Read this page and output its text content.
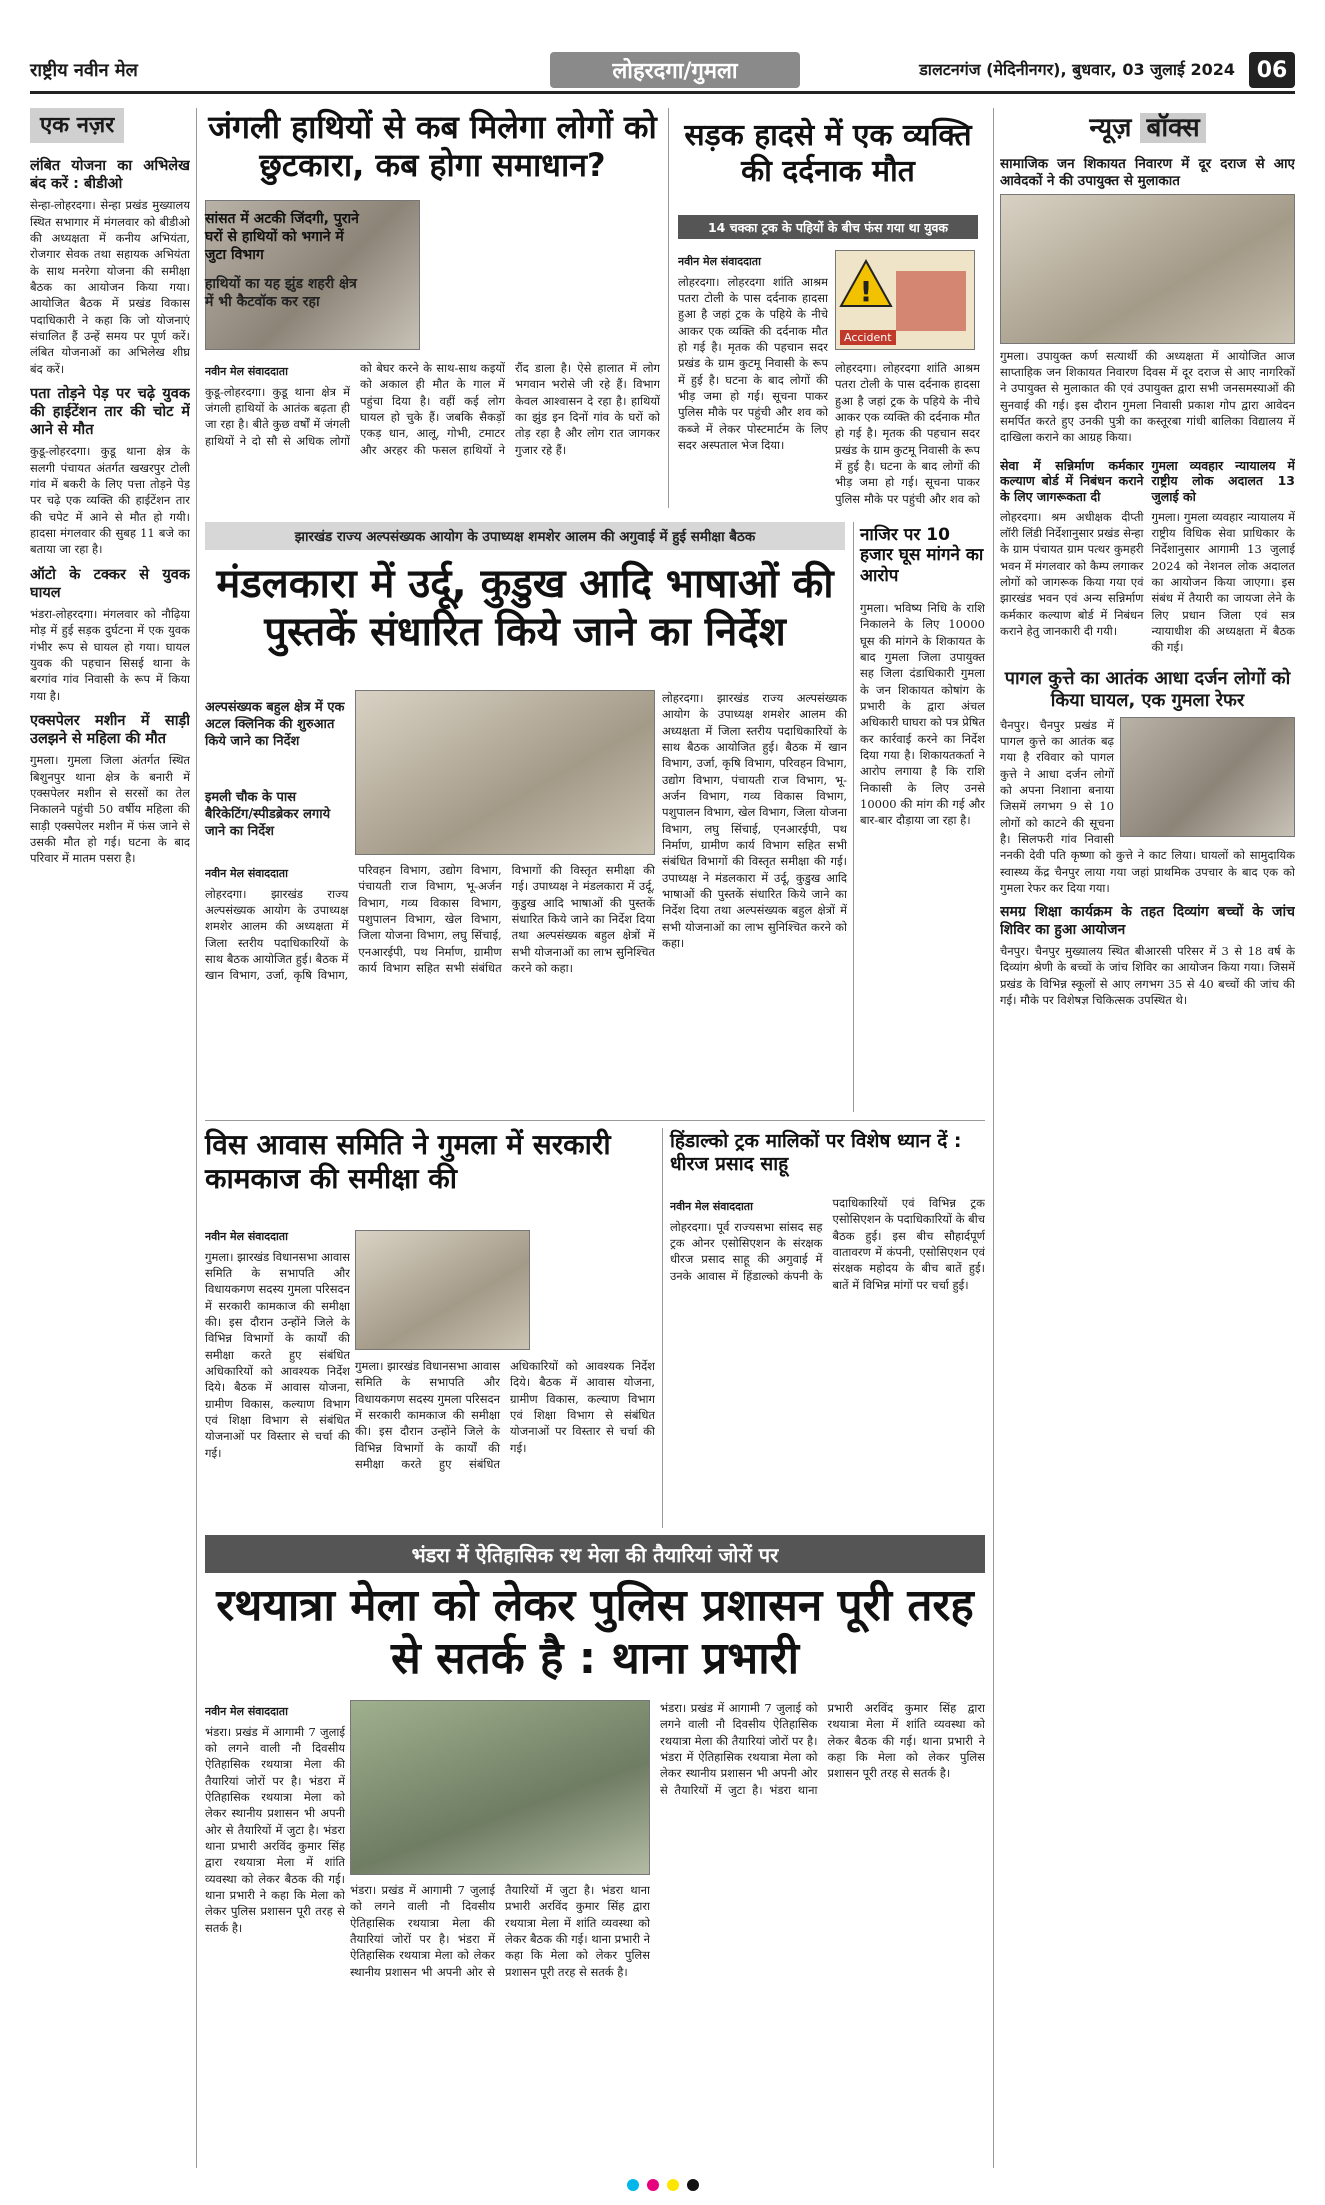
राष्ट्रीय नवीन मेल	लोहरदगा/गुमला	डालटनगंज (मेदिनीनगर), बुधवार, 03 जुलाई 2024 06
एक नज़र
लंबित योजना का अभिलेख बंद करें : बीडीओ

सेन्हा-लोहरदगा। सेन्हा प्रखंड मुख्यालय स्थित सभागार में मंगलवार को बीडीओ की अध्यक्षता में कनीय अभियंता, रोजगार सेवक तथा सहायक अभियंता के साथ मनरेगा योजना की समीक्षा बैठक का आयोजन किया गया। आयोजित बैठक में प्रखंड विकास पदाधिकारी ने कहा कि जो योजनाएं संचालित हैं उन्हें समय पर पूर्ण करें। लंबित योजनाओं का अभिलेख शीघ्र बंद करें।

पता तोड़ने पेड़ पर चढ़े युवक की हाईटेंशन तार की चोट में आने से मौत

कुडू-लोहरदगा। कुडू थाना क्षेत्र के सलगी पंचायत अंतर्गत खखरपुर टोली गांव में बकरी के लिए पत्ता तोड़ने पेड़ पर चढ़े एक व्यक्ति की हाईटेंशन तार की चपेट में आने से मौत हो गयी। हादसा मंगलवार की सुबह 11 बजे का बताया जा रहा है।

ऑटो के टक्कर से युवक घायल

भंडरा-लोहरदगा। मंगलवार को नौढ़िया मोड़ में हुई सड़क दुर्घटना में एक युवक गंभीर रूप से घायल हो गया। घायल युवक की पहचान सिसई थाना के बरगांव गांव निवासी के रूप में किया गया है।

एक्सपेलर मशीन में साड़ी उलझने से महिला की मौत

गुमला। गुमला जिला अंतर्गत स्थित बिशुनपुर थाना क्षेत्र के बनारी में एक्सपेलर मशीन से सरसों का तेल निकालने पहुंची 50 वर्षीय महिला की साड़ी एक्सपेलर मशीन में फंस जाने से उसकी मौत हो गई। घटना के बाद परिवार में मातम पसरा है।

जंगली हाथियों से कब मिलेगा लोगों को छुटकारा, कब होगा समाधान?
सांसत में अटकी जिंदगी, पुराने घरों से हाथियों को भगाने में जुटा विभाग
हाथियों का यह झुंड शहरी क्षेत्र में भी कैटवॉक कर रहा
नवीन मेल संवाददाता

कुडू-लोहरदगा। कुडू थाना क्षेत्र में जंगली हाथियों के आतंक बढ़ता ही जा रहा है। बीते कुछ वर्षों में जंगली हाथियों ने दो सौ से अधिक लोगों को बेघर करने के साथ-साथ कइयों को अकाल ही मौत के गाल में पहुंचा दिया है। वहीं कई लोग घायल हो चुके हैं। जबकि सैकड़ों एकड़ धान, आलू, गोभी, टमाटर और अरहर की फसल हाथियों ने रौंद डाला है। ऐसे हालात में लोग भगवान भरोसे जी रहे हैं। विभाग केवल आश्वासन दे रहा है। हाथियों का झुंड इन दिनों गांव के घरों को तोड़ रहा है और लोग रात जागकर गुजार रहे हैं।

सड़क हादसे में एक व्यक्ति की दर्दनाक मौत
14 चक्का ट्रक के पहियों के बीच फंस गया था युवक
!
Accident
नवीन मेल संवाददाता

लोहरदगा। लोहरदगा शांति आश्रम पतरा टोली के पास दर्दनाक हादसा हुआ है जहां ट्रक के पहिये के नीचे आकर एक व्यक्ति की दर्दनाक मौत हो गई है। मृतक की पहचान सदर प्रखंड के ग्राम कुटमू निवासी के रूप में हुई है। घटना के बाद लोगों की भीड़ जमा हो गई। सूचना पाकर पुलिस मौके पर पहुंची और शव को कब्जे में लेकर पोस्टमार्टम के लिए सदर अस्पताल भेज दिया।

लोहरदगा। लोहरदगा शांति आश्रम पतरा टोली के पास दर्दनाक हादसा हुआ है जहां ट्रक के पहिये के नीचे आकर एक व्यक्ति की दर्दनाक मौत हो गई है। मृतक की पहचान सदर प्रखंड के ग्राम कुटमू निवासी के रूप में हुई है। घटना के बाद लोगों की भीड़ जमा हो गई। सूचना पाकर पुलिस मौके पर पहुंची और शव को

झारखंड राज्य अल्पसंख्यक आयोग के उपाध्यक्ष शमशेर आलम की अगुवाई में हुई समीक्षा बैठक
मंडलकारा में उर्दू, कुडुख आदि भाषाओं की पुस्तकें संधारित किये जाने का निर्देश
अल्पसंख्यक बहुल क्षेत्र में एक अटल क्लिनिक की शुरुआत किये जाने का निर्देश
इमली चौक के पास बैरिकेटिंग/स्पीडब्रेकर लगाये जाने का निर्देश
नवीन मेल संवाददाता

लोहरदगा। झारखंड राज्य अल्पसंख्यक आयोग के उपाध्यक्ष शमशेर आलम की अध्यक्षता में जिला स्तरीय पदाधिकारियों के साथ बैठक आयोजित हुई। बैठक में खान विभाग, उर्जा, कृषि विभाग, परिवहन विभाग, उद्योग विभाग, पंचायती राज विभाग, भू-अर्जन विभाग, गव्य विकास विभाग, पशुपालन विभाग, खेल विभाग, जिला योजना विभाग, लघु सिंचाई, एनआरईपी, पथ निर्माण, ग्रामीण कार्य विभाग सहित सभी संबंधित विभागों की विस्तृत समीक्षा की गई। उपाध्यक्ष ने मंडलकारा में उर्दू, कुडुख आदि भाषाओं की पुस्तकें संधारित किये जाने का निर्देश दिया तथा अल्पसंख्यक बहुल क्षेत्रों में सभी योजनाओं का लाभ सुनिश्चित करने को कहा।

लोहरदगा। झारखंड राज्य अल्पसंख्यक आयोग के उपाध्यक्ष शमशेर आलम की अध्यक्षता में जिला स्तरीय पदाधिकारियों के साथ बैठक आयोजित हुई। बैठक में खान विभाग, उर्जा, कृषि विभाग, परिवहन विभाग, उद्योग विभाग, पंचायती राज विभाग, भू-अर्जन विभाग, गव्य विकास विभाग, पशुपालन विभाग, खेल विभाग, जिला योजना विभाग, लघु सिंचाई, एनआरईपी, पथ निर्माण, ग्रामीण कार्य विभाग सहित सभी संबंधित विभागों की विस्तृत समीक्षा की गई। उपाध्यक्ष ने मंडलकारा में उर्दू, कुडुख आदि भाषाओं की पुस्तकें संधारित किये जाने का निर्देश दिया तथा अल्पसंख्यक बहुल क्षेत्रों में सभी योजनाओं का लाभ सुनिश्चित करने को कहा।

नाजिर पर 10 हजार घूस मांगने का आरोप

गुमला। भविष्य निधि के राशि निकालने के लिए 10000 घूस की मांगने के शिकायत के बाद गुमला जिला उपायुक्त सह जिला दंडाधिकारी गुमला के जन शिकायत कोषांग के प्रभारी के द्वारा अंचल अधिकारी घाघरा को पत्र प्रेषित कर कार्रवाई करने का निर्देश दिया गया है। शिकायतकर्ता ने आरोप लगाया है कि राशि निकासी के लिए उनसे 10000 की मांग की गई और बार-बार दौड़ाया जा रहा है।

विस आवास समिति ने गुमला में सरकारी कामकाज की समीक्षा की
नवीन मेल संवाददाता

गुमला। झारखंड विधानसभा आवास समिति के सभापति और विधायकगण सदस्य गुमला परिसदन में सरकारी कामकाज की समीक्षा की। इस दौरान उन्होंने जिले के विभिन्न विभागों के कार्यों की समीक्षा करते हुए संबंधित अधिकारियों को आवश्यक निर्देश दिये। बैठक में आवास योजना, ग्रामीण विकास, कल्याण विभाग एवं शिक्षा विभाग से संबंधित योजनाओं पर विस्तार से चर्चा की गई।

गुमला। झारखंड विधानसभा आवास समिति के सभापति और विधायकगण सदस्य गुमला परिसदन में सरकारी कामकाज की समीक्षा की। इस दौरान उन्होंने जिले के विभिन्न विभागों के कार्यों की समीक्षा करते हुए संबंधित अधिकारियों को आवश्यक निर्देश दिये। बैठक में आवास योजना, ग्रामीण विकास, कल्याण विभाग एवं शिक्षा विभाग से संबंधित योजनाओं पर विस्तार से चर्चा की गई।

हिंडाल्को ट्रक मालिकों पर विशेष ध्यान दें : धीरज प्रसाद साहू
नवीन मेल संवाददाता

लोहरदगा। पूर्व राज्यसभा सांसद सह ट्रक ओनर एसोसिएशन के संरक्षक धीरज प्रसाद साहू की अगुवाई में उनके आवास में हिंडाल्को कंपनी के पदाधिकारियों एवं विभिन्न ट्रक एसोसिएशन के पदाधिकारियों के बीच बैठक हुई। इस बीच सौहार्दपूर्ण वातावरण में कंपनी, एसोसिएशन एवं संरक्षक महोदय के बीच बातें हुई। बातें में विभिन्न मांगों पर चर्चा हुई।

भंडरा में ऐतिहासिक रथ मेला की तैयारियां जोरों पर
रथयात्रा मेला को लेकर पुलिस प्रशासन पूरी तरह से सतर्क है : थाना प्रभारी
नवीन मेल संवाददाता

भंडरा। प्रखंड में आगामी 7 जुलाई को लगने वाली नौ दिवसीय ऐतिहासिक रथयात्रा मेला की तैयारियां जोरों पर है। भंडरा में ऐतिहासिक रथयात्रा मेला को लेकर स्थानीय प्रशासन भी अपनी ओर से तैयारियों में जुटा है। भंडरा थाना प्रभारी अरविंद कुमार सिंह द्वारा रथयात्रा मेला में शांति व्यवस्था को लेकर बैठक की गई। थाना प्रभारी ने कहा कि मेला को लेकर पुलिस प्रशासन पूरी तरह से सतर्क है।

भंडरा। प्रखंड में आगामी 7 जुलाई को लगने वाली नौ दिवसीय ऐतिहासिक रथयात्रा मेला की तैयारियां जोरों पर है। भंडरा में ऐतिहासिक रथयात्रा मेला को लेकर स्थानीय प्रशासन भी अपनी ओर से तैयारियों में जुटा है। भंडरा थाना प्रभारी अरविंद कुमार सिंह द्वारा रथयात्रा मेला में शांति व्यवस्था को लेकर बैठक की गई। थाना प्रभारी ने कहा कि मेला को लेकर पुलिस प्रशासन पूरी तरह से सतर्क है।

भंडरा। प्रखंड में आगामी 7 जुलाई को लगने वाली नौ दिवसीय ऐतिहासिक रथयात्रा मेला की तैयारियां जोरों पर है। भंडरा में ऐतिहासिक रथयात्रा मेला को लेकर स्थानीय प्रशासन भी अपनी ओर से तैयारियों में जुटा है। भंडरा थाना प्रभारी अरविंद कुमार सिंह द्वारा रथयात्रा मेला में शांति व्यवस्था को लेकर बैठक की गई। थाना प्रभारी ने कहा कि मेला को लेकर पुलिस प्रशासन पूरी तरह से सतर्क है।

न्यूज़ बॉक्स
सामाजिक जन शिकायत निवारण में दूर दराज से आए आवेदकों ने की उपायुक्त से मुलाकात

गुमला। उपायुक्त कर्ण सत्यार्थी की अध्यक्षता में आयोजित आज साप्ताहिक जन शिकायत निवारण दिवस में दूर दराज से आए नागरिकों ने उपायुक्त से मुलाकात की एवं उपायुक्त द्वारा सभी जनसमस्याओं की सुनवाई की गई। इस दौरान गुमला निवासी प्रकाश गोप द्वारा आवेदन समर्पित करते हुए उनकी पुत्री का कस्तूरबा गांधी बालिका विद्यालय में दाखिला कराने का आग्रह किया।

सेवा में सन्निर्माण कर्मकार कल्याण बोर्ड में निबंधन कराने के लिए जागरूकता दी

लोहरदगा। श्रम अधीक्षक दीप्ती लॉरी लिंडी निर्देशानुसार प्रखंड सेन्हा के ग्राम पंचायत ग्राम पत्थर कुमहरी भवन में मंगलवार को कैम्प लगाकर लोगों को जागरूक किया गया एवं झारखंड भवन एवं अन्य सन्निर्माण कर्मकार कल्याण बोर्ड में निबंधन कराने हेतु जानकारी दी गयी।

गुमला व्यवहार न्यायालय में राष्ट्रीय लोक अदालत 13 जुलाई को

गुमला। गुमला व्यवहार न्यायालय में राष्ट्रीय विधिक सेवा प्राधिकार के निर्देशानुसार आगामी 13 जुलाई 2024 को नेशनल लोक अदालत का आयोजन किया जाएगा। इस संबंध में तैयारी का जायजा लेने के लिए प्रधान जिला एवं सत्र न्यायाधीश की अध्यक्षता में बैठक की गई।

पागल कुत्ते का आतंक आधा दर्जन लोगों को किया घायल, एक गुमला रेफर

चैनपुर। चैनपुर प्रखंड में पागल कुत्ते का आतंक बढ़ गया है रविवार को पागल कुत्ते ने आधा दर्जन लोगों को अपना निशाना बनाया जिसमें लगभग 9 से 10 लोगों को काटने की सूचना है। सिलफरी गांव निवासी ननकी देवी पति कृष्णा को कुत्ते ने काट लिया। घायलों को सामुदायिक स्वास्थ्य केंद्र चैनपुर लाया गया जहां प्राथमिक उपचार के बाद एक को गुमला रेफर कर दिया गया।

समग्र शिक्षा कार्यक्रम के तहत दिव्यांग बच्चों के जांच शिविर का हुआ आयोजन

चैनपुर। चैनपुर मुख्यालय स्थित बीआरसी परिसर में 3 से 18 वर्ष के दिव्यांग श्रेणी के बच्चों के जांच शिविर का आयोजन किया गया। जिसमें प्रखंड के विभिन्न स्कूलों से आए लगभग 35 से 40 बच्चों की जांच की गई। मौके पर विशेषज्ञ चिकित्सक उपस्थित थे।
